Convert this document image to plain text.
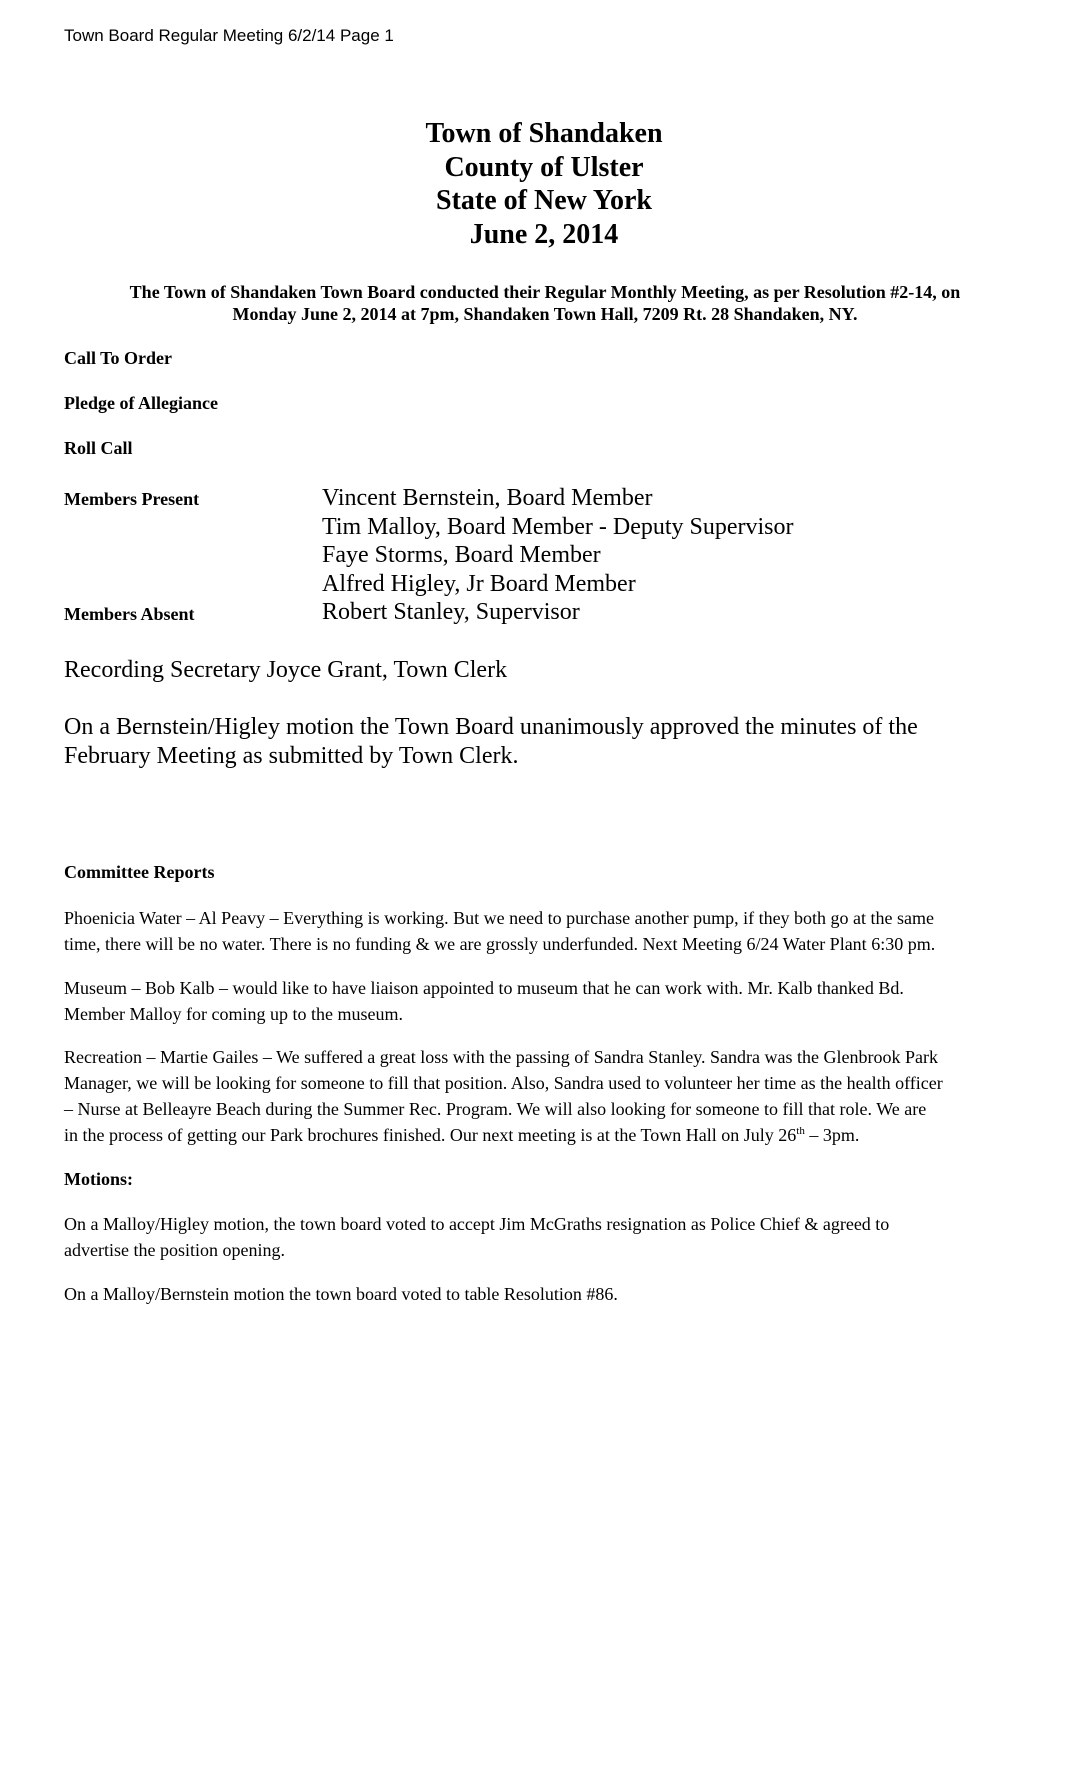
Town Board Regular Meeting 6/2/14 Page 1
Town of Shandaken
County of Ulster
State of New York
June 2, 2014
The Town of Shandaken Town Board conducted their Regular Monthly Meeting, as per Resolution #2-14, on
Monday June 2, 2014 at 7pm, Shandaken Town Hall, 7209 Rt. 28 Shandaken, NY.
Call To Order
Pledge of Allegiance
Roll Call
Members Present	Vincent Bernstein, Board Member
Tim Malloy, Board Member - Deputy Supervisor
Faye Storms, Board Member
Alfred Higley, Jr Board Member
Members Absent	Robert Stanley, Supervisor
Recording Secretary Joyce Grant, Town Clerk
On a Bernstein/Higley motion the Town Board unanimously approved the minutes of the
February Meeting as submitted by Town Clerk.
Committee Reports
Phoenicia Water – Al Peavy – Everything is working. But we need to purchase another pump, if they both go at the same
time, there will be no water. There is no funding & we are grossly underfunded. Next Meeting 6/24 Water Plant 6:30 pm.
Museum – Bob Kalb – would like to have liaison appointed to museum that he can work with. Mr. Kalb thanked Bd.
Member Malloy for coming up to the museum.
Recreation – Martie Gailes – We suffered a great loss with the passing of Sandra Stanley. Sandra was the Glenbrook Park
Manager, we will be looking for someone to fill that position. Also, Sandra used to volunteer her time as the health officer
– Nurse at Belleayre Beach during the Summer Rec. Program. We will also looking for someone to fill that role. We are
in the process of getting our Park brochures finished. Our next meeting is at the Town Hall on July 26th – 3pm.
Motions:
On a Malloy/Higley motion, the town board voted to accept Jim McGraths resignation as Police Chief & agreed to
advertise the position opening.
On a Malloy/Bernstein motion the town board voted to table Resolution #86.
